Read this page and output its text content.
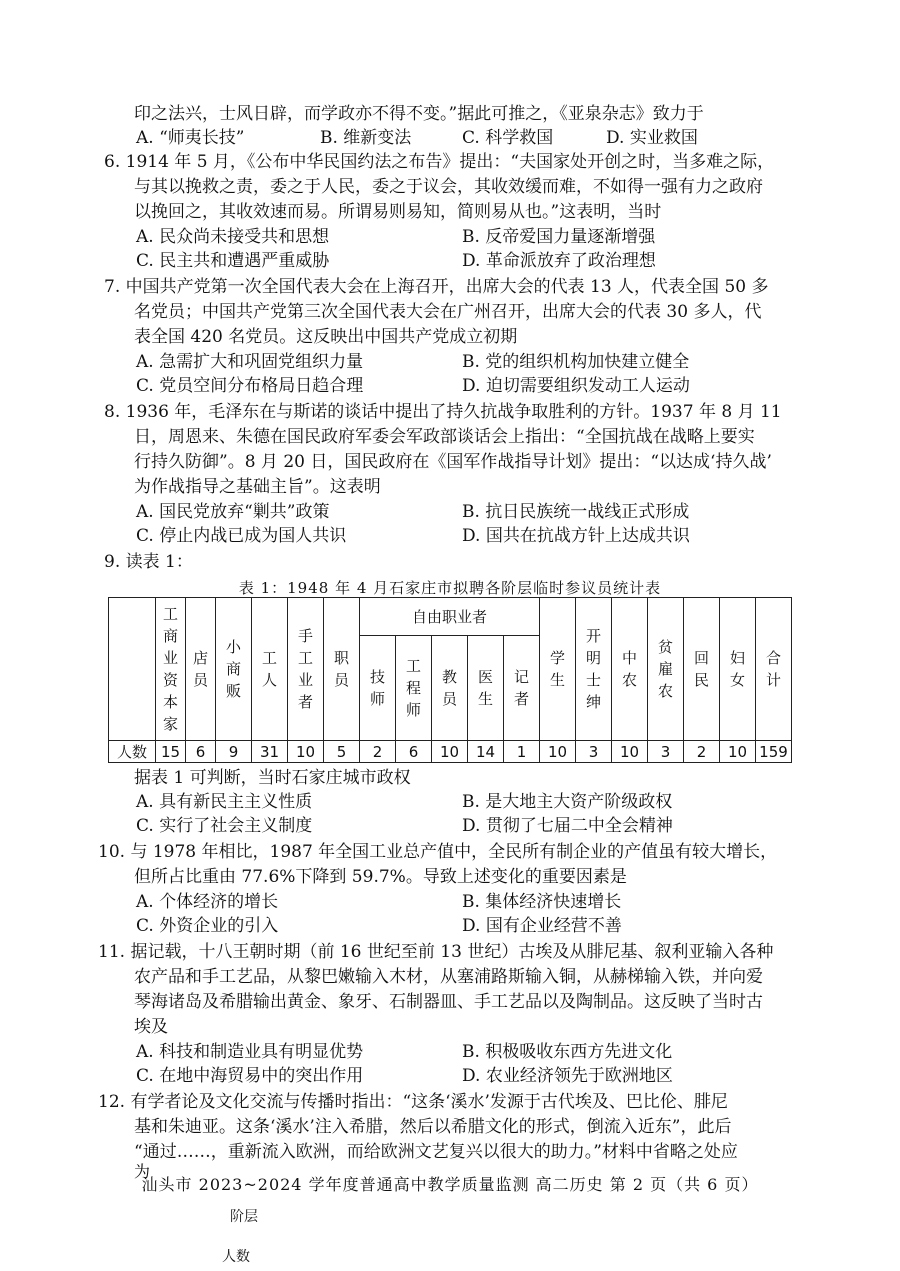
印之法兴，士风日辟，而学政亦不得不变。”据此可推之，《亚泉杂志》致力于
A. “师夷长技”	B. 维新变法	C. 科学救国	D. 实业救国
6. 1914 年 5 月，《公布中华民国约法之布告》提出：“夫国家处开创之时，当多难之际，
与其以挽救之责，委之于人民，委之于议会，其收效缓而难，不如得一强有力之政府
以挽回之，其收效速而易。所谓易则易知，简则易从也。”这表明，当时
A. 民众尚未接受共和思想	B. 反帝爱国力量逐渐增强
C. 民主共和遭遇严重威胁	D. 革命派放弃了政治理想
7. 中国共产党第一次全国代表大会在上海召开，出席大会的代表 13 人，代表全国 50 多
名党员；中国共产党第三次全国代表大会在广州召开，出席大会的代表 30 多人，代
表全国 420 名党员。这反映出中国共产党成立初期
A. 急需扩大和巩固党组织力量	B. 党的组织机构加快建立健全
C. 党员空间分布格局日趋合理	D. 迫切需要组织发动工人运动
8. 1936 年，毛泽东在与斯诺的谈话中提出了持久抗战争取胜利的方针。1937 年 8 月 11
日，周恩来、朱德在国民政府军委会军政部谈话会上指出：“全国抗战在战略上要实
行持久防御”。8 月 20 日，国民政府在《国军作战指导计划》提出：“以达成‘持久战’
为作战指导之基础主旨”。这表明
A. 国民党放弃“剿共”政策	B. 抗日民族统一战线正式形成
C. 停止内战已成为国人共识	D. 国共在抗战方针上达成共识
9. 读表 1：
表 1：1948 年 4 月石家庄市拟聘各阶层临时参议员统计表
	工商业资本家	店员	小商贩	工人	手工业者	职员	自由职业者					学生	开明士绅	中农	贫雇农	回民	妇女	合计
							技师	工程师	教员	医生	记者							
人数	15	6	9	31	10	5	2	6	10	14	1	10	3	10	3	2	10	159
据表 1 可判断，当时石家庄城市政权
A. 具有新民主主义性质	B. 是大地主大资产阶级政权
C. 实行了社会主义制度	D. 贯彻了七届二中全会精神
10. 与 1978 年相比，1987 年全国工业总产值中，全民所有制企业的产值虽有较大增长，
但所占比重由 77.6%下降到 59.7%。导致上述变化的重要因素是
A. 个体经济的增长	B. 集体经济快速增长
C. 外资企业的引入	D. 国有企业经营不善
11. 据记载，十八王朝时期（前 16 世纪至前 13 世纪）古埃及从腓尼基、叙利亚输入各种
农产品和手工艺品，从黎巴嫩输入木材，从塞浦路斯输入铜，从赫梯输入铁，并向爱
琴海诸岛及希腊输出黄金、象牙、石制器皿、手工艺品以及陶制品。这反映了当时古
埃及
A. 科技和制造业具有明显优势	B. 积极吸收东西方先进文化
C. 在地中海贸易中的突出作用	D. 农业经济领先于欧洲地区
12. 有学者论及文化交流与传播时指出：“这条‘溪水’发源于古代埃及、巴比伦、腓尼
基和朱迪亚。这条‘溪水’注入希腊，然后以希腊文化的形式，倒流入近东”，此后
“通过……，重新流入欧洲，而给欧洲文艺复兴以很大的助力。”材料中省略之处应
为
汕头市 2023~2024 学年度普通高中教学质量监测 高二历史 第 2 页（共 6 页）
阶层
人数
